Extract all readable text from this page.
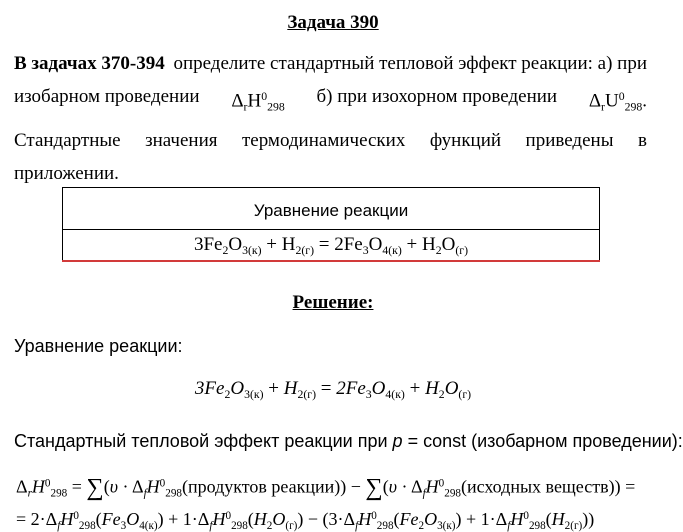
Задача 390
В задачах 370-394 определите стандартный тепловой эффект реакции: а) при
изобарном проведении $\Delta_rH^0_{298}$
б) при изохорном проведении $\Delta_rU^0_{298}$.
Стандартные значения термодинамических функций приведены в
приложении.
Уравнение реакции
$3Fe_2O_{3(к)} + H_{2(г)} = 2Fe_3O_{4(к)} + H_2O_{(г)}$
Решение:
Уравнение реакции:
$3Fe_2O_{3(к)} + H_{2(г)} = 2Fe_3O_{4(к)} + H_2O_{(г)}$
Стандартный тепловой эффект реакции при p = const (изобарном проведении):
$\Delta_rH^0_{298} = \sum(\upsilon$ · $\Delta_fH^0_{298}(продуктов$ реакции)) − $\sum(\upsilon \cdot \Delta_fH^0_{298}(исходных$ веществ)) =
= $2\cdot\Delta_fH^0_{298}(Fe_3O_{4(к)}) + 1\cdot\Delta_fH^0_{298}(H_2O_{(г)}) - (3\cdot\Delta_fH^0_{298}(Fe_2O_{3(к)}) + 1\cdot\Delta_fH^0_{298}(H_{2(г)}))$
